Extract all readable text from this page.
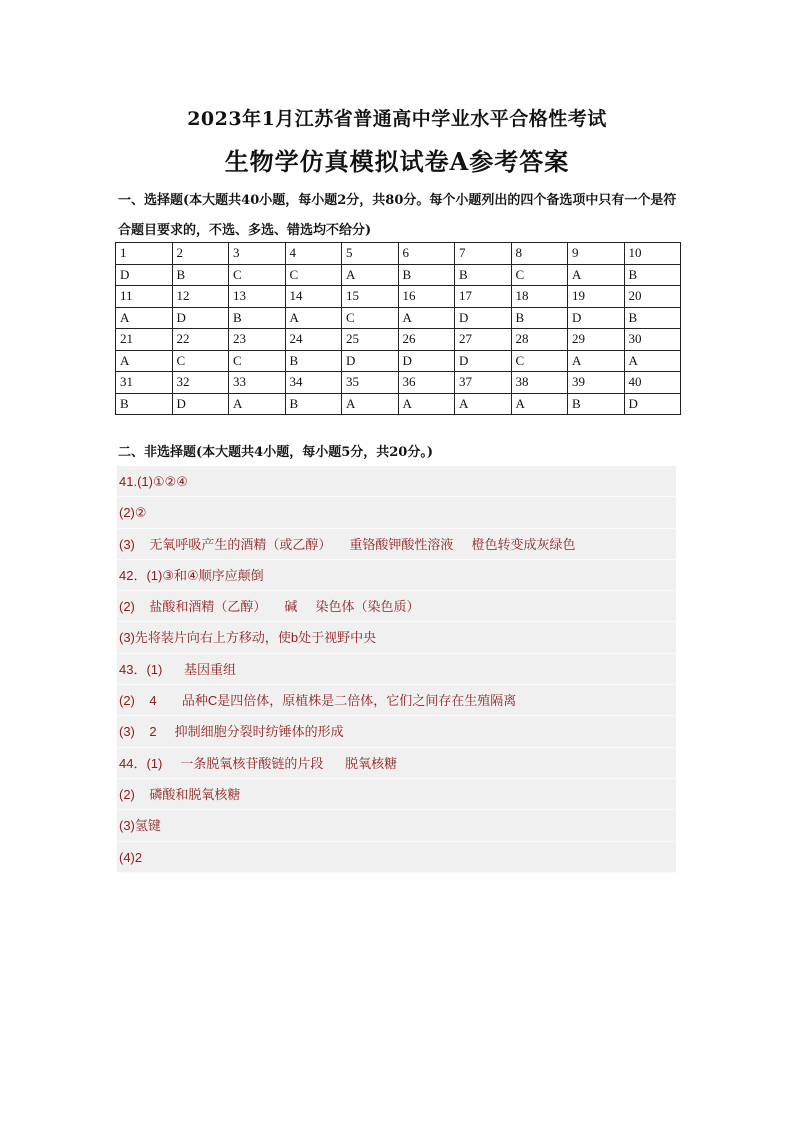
2023年1月江苏省普通高中学业水平合格性考试
生物学仿真模拟试卷A参考答案
一、选择题(本大题共40小题，每小题2分，共80分。每个小题列出的四个备选项中只有一个是符合题目要求的，不选、多选、错选均不给分)
1	2	3	4	5	6	7	8	9	10
D	B	C	C	A	B	B	C	A	B
11	12	13	14	15	16	17	18	19	20
A	D	B	A	C	A	D	B	D	B
21	22	23	24	25	26	27	28	29	30
A	C	C	B	D	D	D	C	A	A
31	32	33	34	35	36	37	38	39	40
B	D	A	B	A	A	A	A	B	D
二、非选择题(本大题共4小题，每小题5分，共20分。)
41.(1)①②④
(2)②
(3)    无氧呼吸产生的酒精（或乙醇）     重铬酸钾酸性溶液     橙色转变成灰绿色
42．(1)③和④顺序应颠倒
(2)    盐酸和酒精（乙醇）     碱     染色体（染色质）
(3)先将装片向右上方移动，使b处于视野中央
43．(1)      基因重组
(2)    4       品种C是四倍体，原植株是二倍体，它们之间存在生殖隔离
(3)    2     抑制细胞分裂时纺锤体的形成
44．(1)     一条脱氧核苷酸链的片段      脱氧核糖
(2)    磷酸和脱氧核糖
(3)氢键
(4)2
